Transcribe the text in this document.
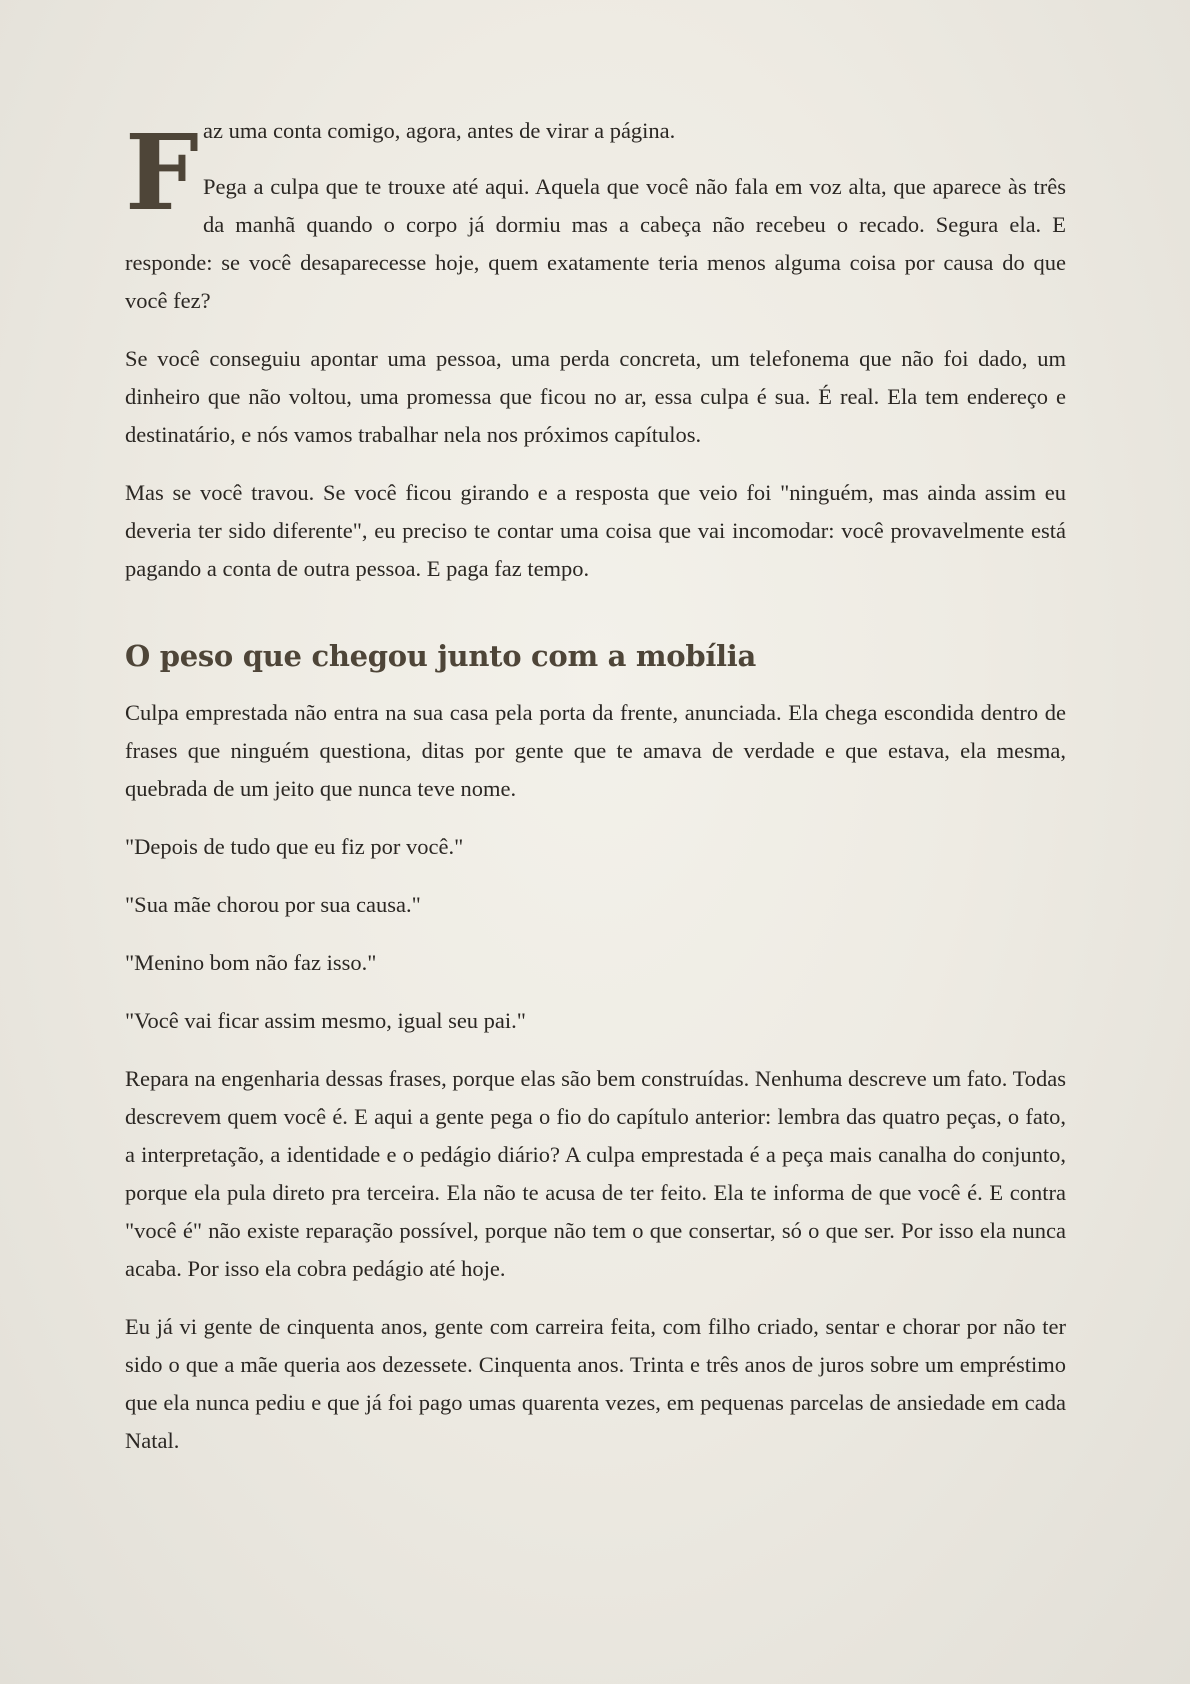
F az uma conta comigo, agora, antes de virar a página.

Pega a culpa que te trouxe até aqui. Aquela que você não fala em voz alta, que aparece às três da manhã quando o corpo já dormiu mas a cabeça não recebeu o recado. Segura ela. E responde: se você desaparecesse hoje, quem exatamente teria menos alguma coisa por causa do que você fez?

Se você conseguiu apontar uma pessoa, uma perda concreta, um telefonema que não foi dado, um dinheiro que não voltou, uma promessa que ficou no ar, essa culpa é sua. É real. Ela tem endereço e destinatário, e nós vamos trabalhar nela nos próximos capítulos.

Mas se você travou. Se você ficou girando e a resposta que veio foi "ninguém, mas ainda assim eu deveria ter sido diferente", eu preciso te contar uma coisa que vai incomodar: você provavelmente está pagando a conta de outra pessoa. E paga faz tempo.

O peso que chegou junto com a mobília

Culpa emprestada não entra na sua casa pela porta da frente, anunciada. Ela chega escondida dentro de frases que ninguém questiona, ditas por gente que te amava de verdade e que estava, ela mesma, quebrada de um jeito que nunca teve nome.

"Depois de tudo que eu fiz por você."

"Sua mãe chorou por sua causa."

"Menino bom não faz isso."

"Você vai ficar assim mesmo, igual seu pai."

Repara na engenharia dessas frases, porque elas são bem construídas. Nenhuma descreve um fato. Todas descrevem quem você é. E aqui a gente pega o fio do capítulo anterior: lembra das quatro peças, o fato, a interpretação, a identidade e o pedágio diário? A culpa emprestada é a peça mais canalha do conjunto, porque ela pula direto pra terceira. Ela não te acusa de ter feito. Ela te informa de que você é. E contra "você é" não existe reparação possível, porque não tem o que consertar, só o que ser. Por isso ela nunca acaba. Por isso ela cobra pedágio até hoje.

Eu já vi gente de cinquenta anos, gente com carreira feita, com filho criado, sentar e chorar por não ter sido o que a mãe queria aos dezessete. Cinquenta anos. Trinta e três anos de juros sobre um empréstimo que ela nunca pediu e que já foi pago umas quarenta vezes, em pequenas parcelas de ansiedade em cada Natal.
